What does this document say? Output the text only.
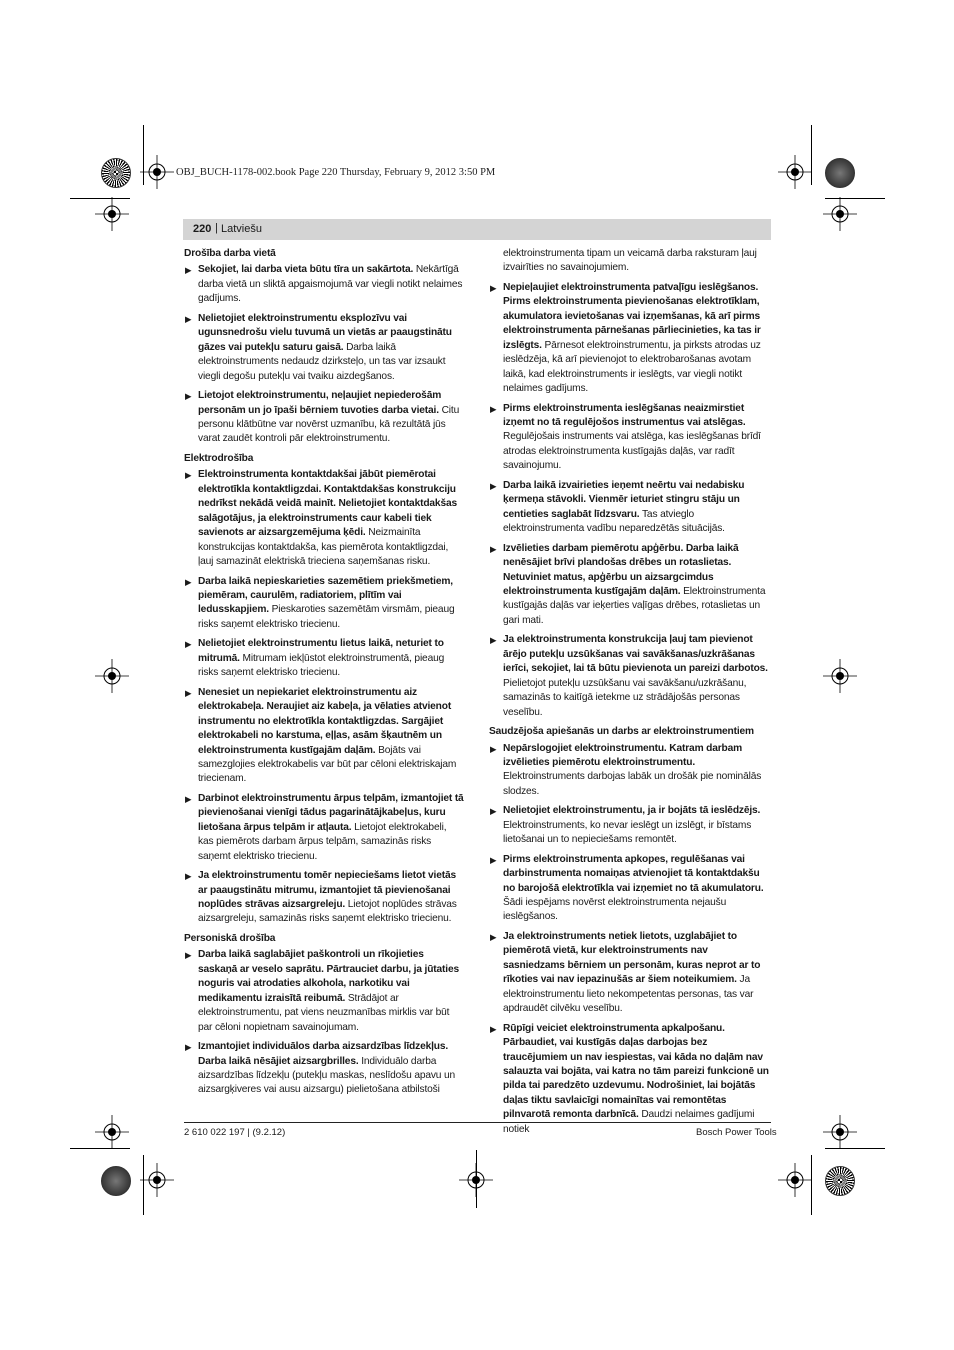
OBJ_BUCH-1178-002.book Page 220 Thursday, February 9, 2012 3:50 PM
220 | Latviešu
Drošība darba vietā
▶ Sekojiet, lai darba vieta būtu tīra un sakārtota. Nekārtīgā darba vietā un sliktā apgaismojumā var viegli notikt nelaimes gadījums.
▶ Nelietojiet elektroinstrumentu eksplozīvu vai ugunsnedrošu vielu tuvumā un vietās ar paaugstinātu gāzes vai putekļu saturu gaisā. Darba laikā elektroinstruments nedaudz dzirksteļo, un tas var izsaukt viegli degošu putekļu vai tvaiku aizdegšanos.
▶ Lietojot elektroinstrumentu, neļaujiet nepiederošām personām un jo īpaši bērniem tuvoties darba vietai. Citu personu klātbūtne var novērst uzmanību, kā rezultātā jūs varat zaudēt kontroli pār elektroinstrumentu.
Elektrodrošība
▶ Elektroinstrumenta kontaktdakšai jābūt piemērotai elektrotīkla kontaktligzdai. Kontaktdakšas konstrukciju nedrīkst nekādā veidā mainīt. Nelietojiet kontaktdakšas salāgotājus, ja elektroinstruments caur kabeli tiek savienots ar aizsargzemējuma ķēdi. Neizmainīta konstrukcijas kontaktdakša, kas piemērota kontaktligzdai, ļauj samazināt elektriskā trieciena saņemšanas risku.
▶ Darba laikā nepieskarieties sazemētiem priekšmetiem, piemēram, caurulēm, radiatoriem, plītīm vai ledusskapjiem. Pieskaroties sazemētām virsmām, pieaug risks saņemt elektrisko triecienu.
▶ Nelietojiet elektroinstrumentu lietus laikā, neturiet to mitrumā. Mitrumam iekļūstot elektroinstrumentā, pieaug risks saņemt elektrisko triecienu.
▶ Nenesiet un nepiekariet elektroinstrumentu aiz elektrokabeļa. Neraujiet aiz kabeļa, ja vēlaties atvienot instrumentu no elektrotīkla kontaktligzdas. Sargājiet elektrokabeli no karstuma, eļļas, asām šķautnēm un elektroinstrumenta kustīgajām daļām. Bojāts vai samezglojies elektrokabelis var būt par cēloni elektriskajam triecienam.
▶ Darbinot elektroinstrumentu ārpus telpām, izmantojiet tā pievienošanai vienīgi tādus pagarinātājkabeļus, kuru lietošana ārpus telpām ir atļauta. Lietojot elektrokabeli, kas piemērots darbam ārpus telpām, samazinās risks saņemt elektrisko triecienu.
▶ Ja elektroinstrumentu tomēr nepieciešams lietot vietās ar paaugstinātu mitrumu, izmantojiet tā pievienošanai noplūdes strāvas aizsargreleju. Lietojot noplūdes strāvas aizsargreleju, samazinās risks saņemt elektrisko triecienu.
Personiskā drošība
▶ Darba laikā saglabājiet paškontroli un rīkojieties saskaņā ar veselo saprātu. Pārtrauciet darbu, ja jūtaties noguris vai atrodaties alkohola, narkotiku vai medikamentu izraisītā reibumā. Strādājot ar elektroinstrumentu, pat viens neuzmanības mirklis var būt par cēloni nopietnam savainojumam.
▶ Izmantojiet individuālos darba aizsardzības līdzekļus. Darba laikā nēsājiet aizsargbrilles. Individuālo darba aizsardzības līdzekļu (putekļu maskas, neslīdošu apavu un aizsargķiveres vai ausu aizsargu) pielietošana atbilstoši
elektroinstrumenta tipam un veicamā darba raksturam ļauj izvairīties no savainojumiem.
▶ Nepieļaujiet elektroinstrumenta patvaļīgu ieslēgšanos. Pirms elektroinstrumenta pievienošanas elektrotīklam, akumulatora ievietošanas vai izņemšanas, kā arī pirms elektroinstrumenta pārnešanas pārliecinieties, ka tas ir izslēgts. Pārnesot elektroinstrumentu, ja pirksts atrodas uz ieslēdzēja, kā arī pievienojot to elektrobarošanas avotam laikā, kad elektroinstruments ir ieslēgts, var viegli notikt nelaimes gadījums.
▶ Pirms elektroinstrumenta ieslēgšanas neaizmirstiet izņemt no tā regulējošos instrumentus vai atslēgas. Regulējošais instruments vai atslēga, kas ieslēgšanas brīdī atrodas elektroinstrumenta kustīgajās daļās, var radīt savainojumu.
▶ Darba laikā izvairieties ieņemt neērtu vai nedabisku ķermeņa stāvokli. Vienmēr ieturiet stingru stāju un centieties saglabāt līdzsvaru. Tas atvieglo elektroinstrumenta vadību neparedzētās situācijās.
▶ Izvēlieties darbam piemērotu apģērbu. Darba laikā nenēsājiet brīvi plandošas drēbes un rotaslietas. Netuviniet matus, apģērbu un aizsargcimdus elektroinstrumenta kustīgajām daļām. Elektroinstrumenta kustīgajās daļās var ieķerties vaļīgas drēbes, rotaslietas un gari mati.
▶ Ja elektroinstrumenta konstrukcija ļauj tam pievienot ārējo putekļu uzsūkšanas vai savākšanas/uzkrāšanas ierīci, sekojiet, lai tā būtu pievienota un pareizi darbotos. Pielietojot putekļu uzsūkšanu vai savākšanu/uzkrāšanu, samazinās to kaitīgā ietekme uz strādājošās personas veselību.
Saudzējoša apiešanās un darbs ar elektroinstrumentiem
▶ Nepārslogojiet elektroinstrumentu. Katram darbam izvēlieties piemērotu elektroinstrumentu. Elektroinstruments darbojas labāk un drošāk pie nominālās slodzes.
▶ Nelietojiet elektroinstrumentu, ja ir bojāts tā ieslēdzējs. Elektroinstruments, ko nevar ieslēgt un izslēgt, ir bīstams lietošanai un to nepieciešams remontēt.
▶ Pirms elektroinstrumenta apkopes, regulēšanas vai darbinstrumenta nomaiņas atvienojiet tā kontaktdakšu no barojošā elektrotīkla vai izņemiet no tā akumulatoru. Šādi iespējams novērst elektroinstrumenta nejaušu ieslēgšanos.
▶ Ja elektroinstruments netiek lietots, uzglabājiet to piemērotā vietā, kur elektroinstruments nav sasniedzams bērniem un personām, kuras neprot ar to rīkoties vai nav iepazinušās ar šiem noteikumiem. Ja elektroinstrumentu lieto nekompetentas personas, tas var apdraudēt cilvēku veselību.
▶ Rūpīgi veiciet elektroinstrumenta apkalpošanu. Pārbaudiet, vai kustīgās daļas darbojas bez traucējumiem un nav iespiestas, vai kāda no daļām nav salauzta vai bojāta, vai katra no tām pareizi funkcionē un pilda tai paredzēto uzdevumu. Nodrošiniet, lai bojātās daļas tiktu savlaicīgi nomainītas vai remontētas pilnvarotā remonta darbnīcā. Daudzi nelaimes gadījumi notiek
2 610 022 197 | (9.2.12)	Bosch Power Tools
